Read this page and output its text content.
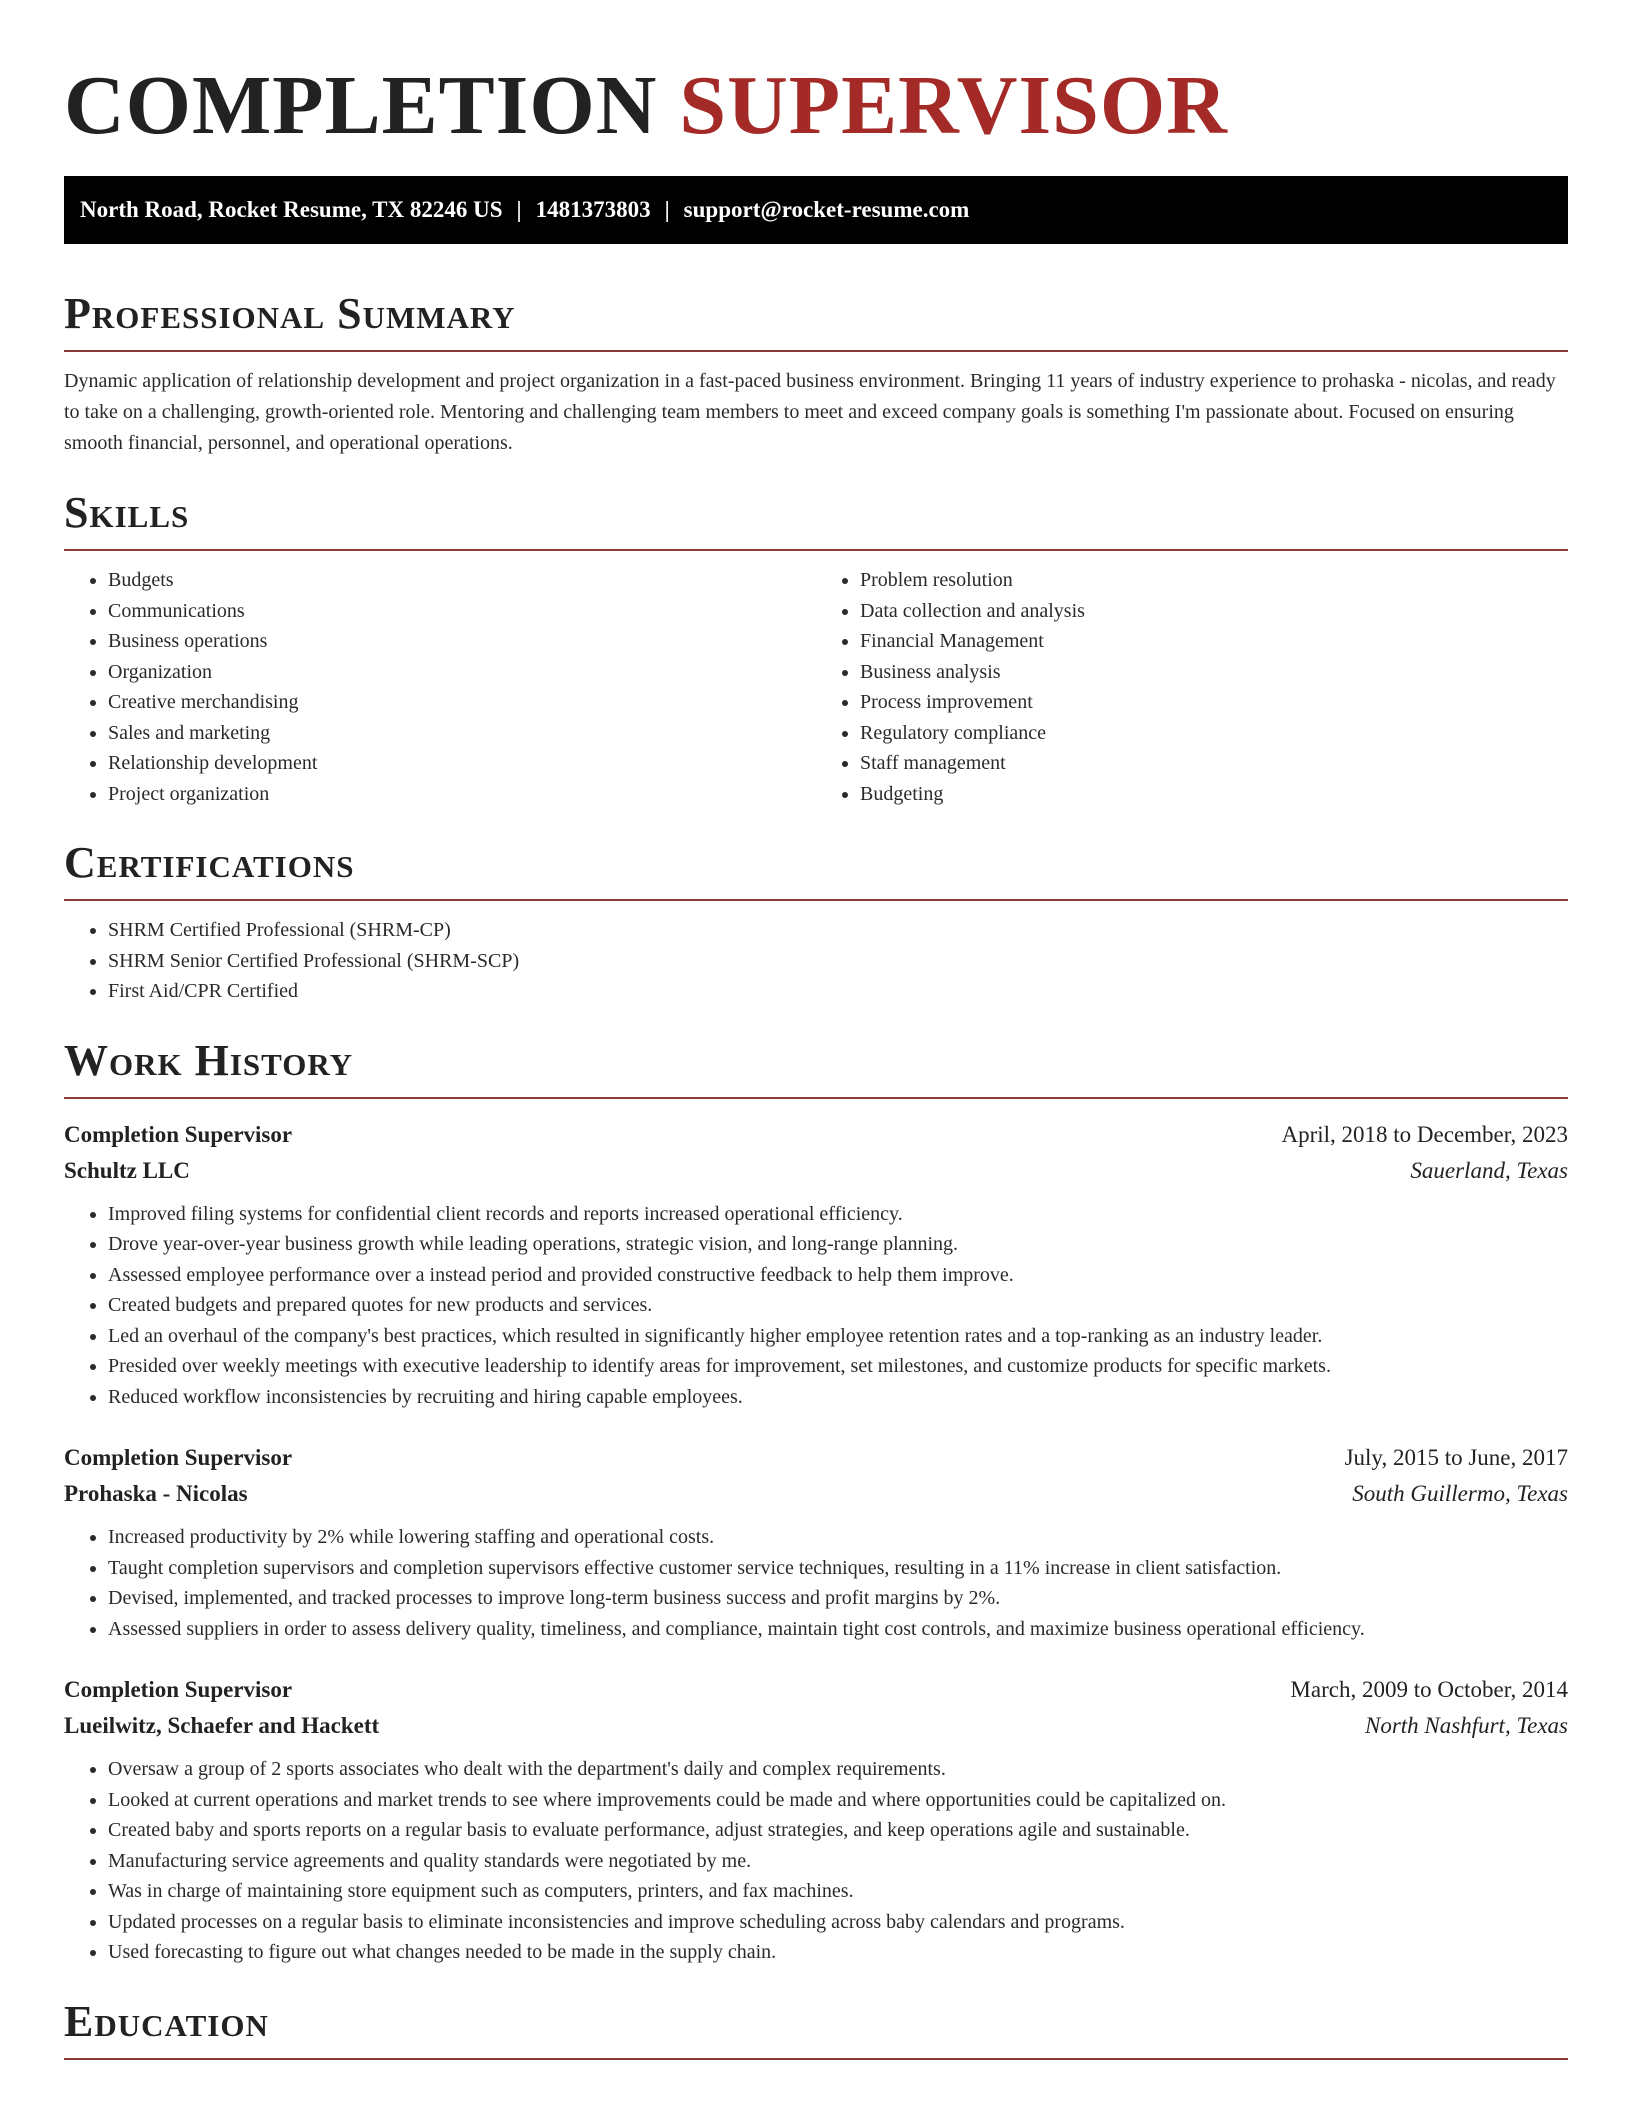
COMPLETION SUPERVISOR
North Road, Rocket Resume, TX 82246 US | 1481373803 | support@rocket-resume.com
Professional Summary

Dynamic application of relationship development and project organization in a fast-paced business environment. Bringing 11 years of industry experience to prohaska - nicolas, and ready to take on a challenging, growth-oriented role. Mentoring and challenging team members to meet and exceed company goals is something I'm passionate about. Focused on ensuring smooth financial, personnel, and operational operations.

Skills
• Budgets
• Communications
• Business operations
• Organization
• Creative merchandising
• Sales and marketing
• Relationship development
• Project organization
• Problem resolution
• Data collection and analysis
• Financial Management
• Business analysis
• Process improvement
• Regulatory compliance
• Staff management
• Budgeting
Certifications
• SHRM Certified Professional (SHRM-CP)
• SHRM Senior Certified Professional (SHRM-SCP)
• First Aid/CPR Certified
Work History
Completion Supervisor	April, 2018 to December, 2023
Schultz LLC	Sauerland, Texas
• Improved filing systems for confidential client records and reports increased operational efficiency.
• Drove year-over-year business growth while leading operations, strategic vision, and long-range planning.
• Assessed employee performance over a instead period and provided constructive feedback to help them improve.
• Created budgets and prepared quotes for new products and services.
• Led an overhaul of the company's best practices, which resulted in significantly higher employee retention rates and a top-ranking as an industry leader.
• Presided over weekly meetings with executive leadership to identify areas for improvement, set milestones, and customize products for specific markets.
• Reduced workflow inconsistencies by recruiting and hiring capable employees.
Completion Supervisor	July, 2015 to June, 2017
Prohaska - Nicolas	South Guillermo, Texas
• Increased productivity by 2% while lowering staffing and operational costs.
• Taught completion supervisors and completion supervisors effective customer service techniques, resulting in a 11% increase in client satisfaction.
• Devised, implemented, and tracked processes to improve long-term business success and profit margins by 2%.
• Assessed suppliers in order to assess delivery quality, timeliness, and compliance, maintain tight cost controls, and maximize business operational efficiency.
Completion Supervisor	March, 2009 to October, 2014
Lueilwitz, Schaefer and Hackett	North Nashfurt, Texas
• Oversaw a group of 2 sports associates who dealt with the department's daily and complex requirements.
• Looked at current operations and market trends to see where improvements could be made and where opportunities could be capitalized on.
• Created baby and sports reports on a regular basis to evaluate performance, adjust strategies, and keep operations agile and sustainable.
• Manufacturing service agreements and quality standards were negotiated by me.
• Was in charge of maintaining store equipment such as computers, printers, and fax machines.
• Updated processes on a regular basis to eliminate inconsistencies and improve scheduling across baby calendars and programs.
• Used forecasting to figure out what changes needed to be made in the supply chain.
Education
